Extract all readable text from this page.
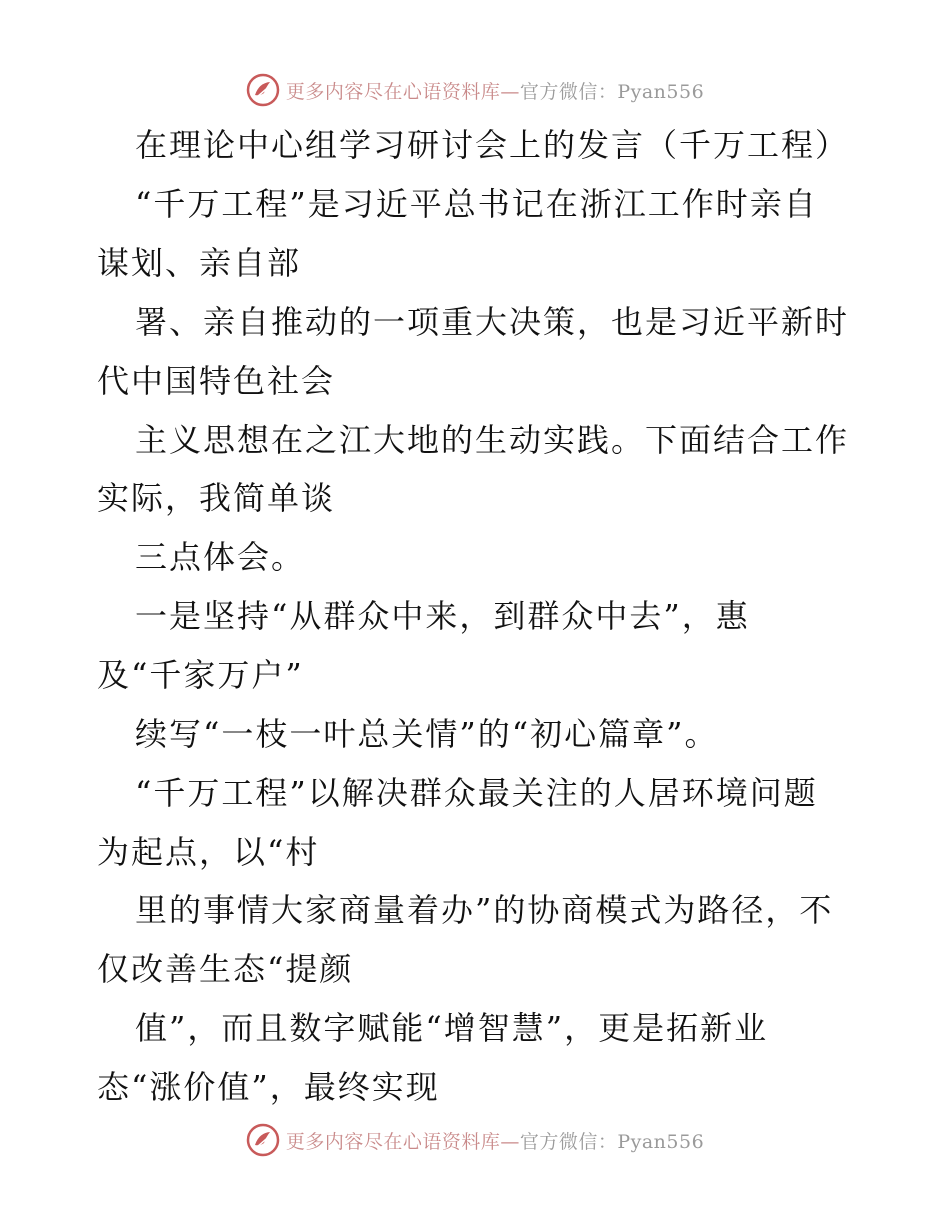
更多内容尽在心语资料库—官方微信：Pyan556
在理论中心组学习研讨会上的发言（千万工程）
“千万工程”是习近平总书记在浙江工作时亲自
谋划、亲自部
署、亲自推动的一项重大决策，也是习近平新时
代中国特色社会
主义思想在之江大地的生动实践。下面结合工作
实际，我简单谈
三点体会。
一是坚持“从群众中来，到群众中去”，惠
及“千家万户”
续写“一枝一叶总关情”的“初心篇章”。
“千万工程”以解决群众最关注的人居环境问题
为起点，以“村
里的事情大家商量着办”的协商模式为路径，不
仅改善生态“提颜
值”，而且数字赋能“增智慧”，更是拓新业
态“涨价值”，最终实现
更多内容尽在心语资料库—官方微信：Pyan556
